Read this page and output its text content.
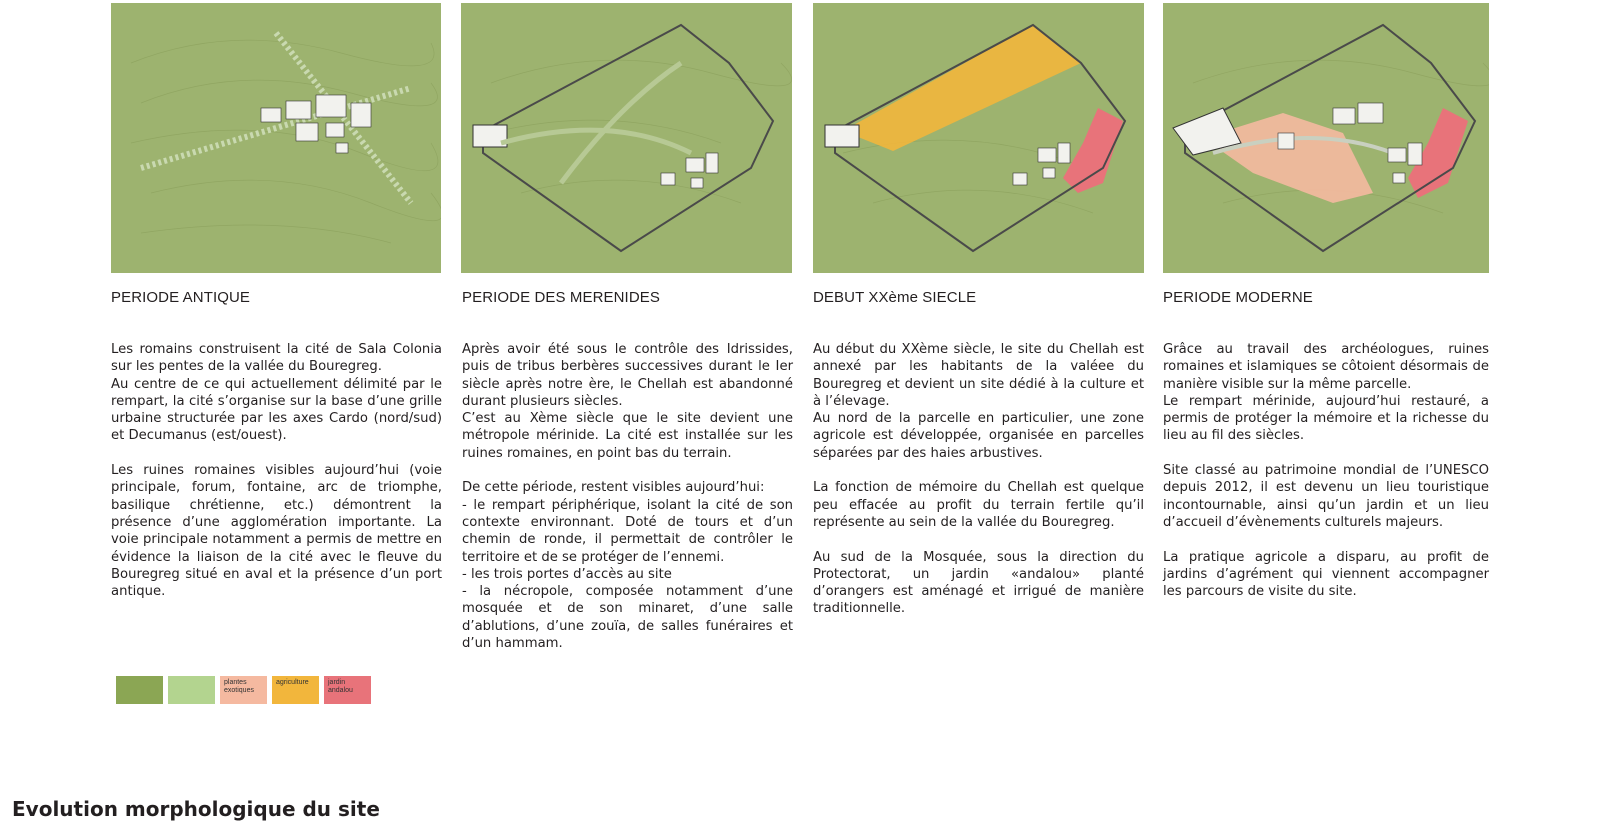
PERIODE ANTIQUE

Les romains construisent la cité de Sala Colonia sur les pentes de la vallée du Bouregreg.

Au centre de ce qui actuellement délimité par le rempart, la cité s’organise sur la base d’une grille urbaine structurée par les axes Cardo (nord/sud) et Decumanus (est/ouest).

Les ruines romaines visibles aujourd’hui (voie principale, forum, fontaine, arc de triomphe, basilique chrétienne, etc.) démontrent la présence d’une agglomération importante. La voie principale notamment a permis de mettre en évidence la liaison de la cité avec le fleuve du Bouregreg situé en aval et la présence d’un port antique.

PERIODE DES MERENIDES

Après avoir été sous le contrôle des Idrissides, puis de tribus berbères successives durant le Ier siècle après notre ère, le Chellah est abandonné durant plusieurs siècles.

C’est au Xème siècle que le site devient une métropole mérinide. La cité est installée sur les ruines romaines, en point bas du terrain.

De cette période, restent visibles aujourd’hui:

- le rempart périphérique, isolant la cité de son contexte environnant. Doté de tours et d’un chemin de ronde, il permettait de contrôler le territoire et de se protéger de l’ennemi.

- les trois portes d’accès au site

- la nécropole, composée notamment d’une mosquée et de son minaret, d’une salle d’ablutions, d’une zouïa, de salles funéraires et d’un hammam.

DEBUT XXème SIECLE

Au début du XXème siècle, le site du Chellah est annexé par les habitants de la valéee du Bouregreg et devient un site dédié à la culture et à l’élevage.

Au nord de la parcelle en particulier, une zone agricole est développée, organisée en parcelles séparées par des haies arbustives.

La fonction de mémoire du Chellah est quelque peu effacée au profit du terrain fertile qu’il représente au sein de la vallée du Bouregreg.

Au sud de la Mosquée, sous la direction du Protectorat, un jardin «andalou» planté d’orangers est aménagé et irrigué de manière traditionnelle.

PERIODE MODERNE

Grâce au travail des archéologues, ruines romaines et islamiques se côtoient désormais de manière visible sur la même parcelle.

Le rempart mérinide, aujourd’hui restauré, a permis de protéger la mémoire et la richesse du lieu au fil des siècles.

Site classé au patrimoine mondial de l’UNESCO depuis 2012, il est devenu un lieu touristique incontournable, ainsi qu’un jardin et un lieu d’accueil d’évènements culturels majeurs.

La pratique agricole a disparu, au profit de jardins d’agrément qui viennent accompagner les parcours de visite du site.

plantes exotiques
agriculture	jardin andalou
Evolution morphologique du site
